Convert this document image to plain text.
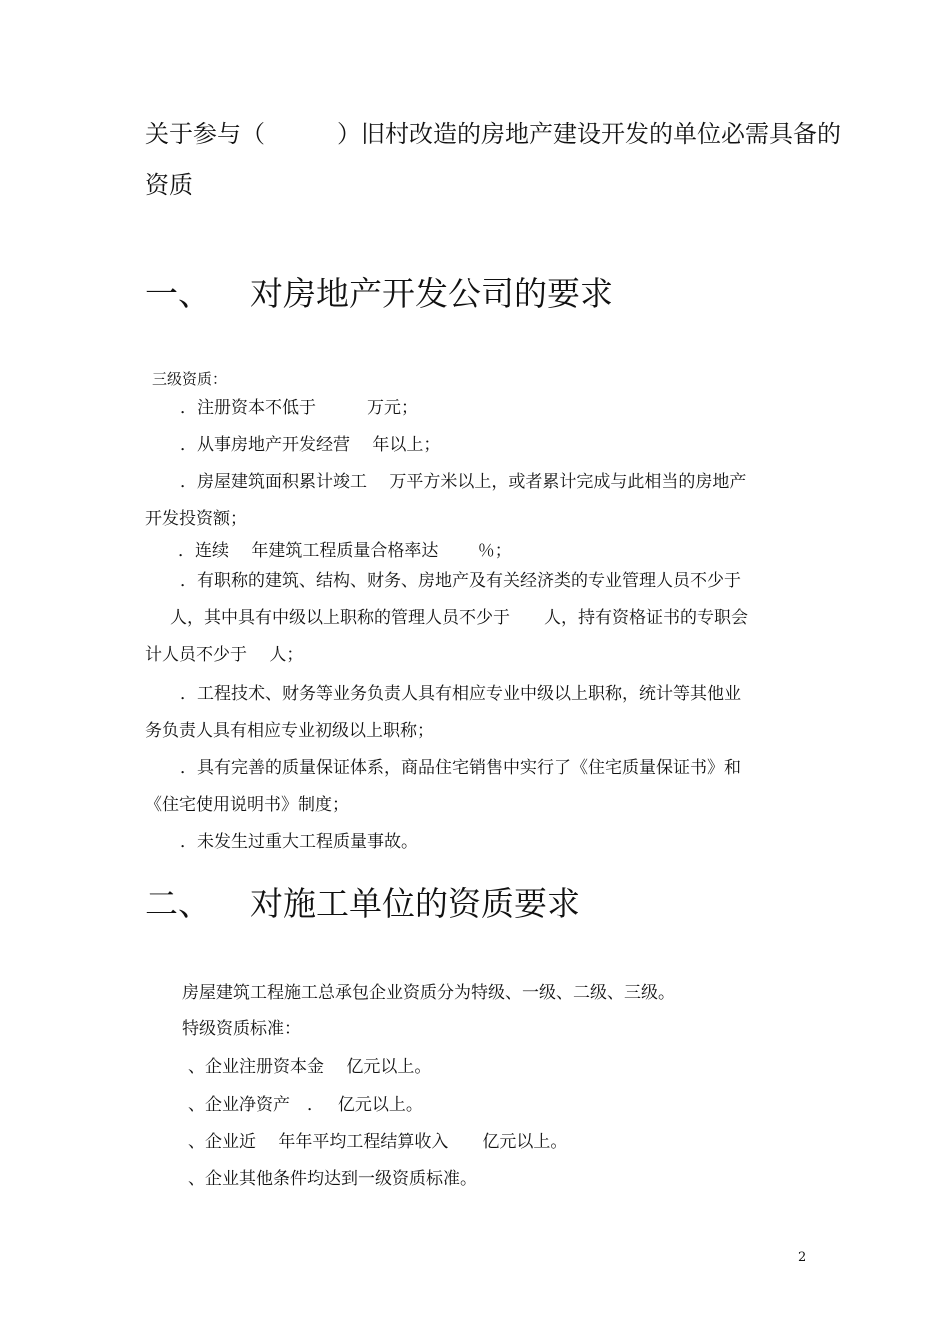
关于参与（　　　）旧村改造的房地产建设开发的单位必需具备的
资质
一、 对房地产开发公司的要求
三级资质：
．注册资本不低于　　　万元；
．从事房地产开发经营　 年以上；
．房屋建筑面积累计竣工　 万平方米以上，或者累计完成与此相当的房地产
开发投资额；
．连续　 年建筑工程质量合格率达　　 ％；
．有职称的建筑、结构、财务、房地产及有关经济类的专业管理人员不少于
人，其中具有中级以上职称的管理人员不少于　　人，持有资格证书的专职会
计人员不少于　 人；
．工程技术、财务等业务负责人具有相应专业中级以上职称，统计等其他业
务负责人具有相应专业初级以上职称；
．具有完善的质量保证体系，商品住宅销售中实行了《住宅质量保证书》和
《住宅使用说明书》制度；
．未发生过重大工程质量事故。
二、 对施工单位的资质要求
房屋建筑工程施工总承包企业资质分为特级、一级、二级、三级。
特级资质标准：
、企业注册资本金　 亿元以上。
、企业净资产　．　 亿元以上。
、企业近　 年年平均工程结算收入　　亿元以上。
、企业其他条件均达到一级资质标准。
2
